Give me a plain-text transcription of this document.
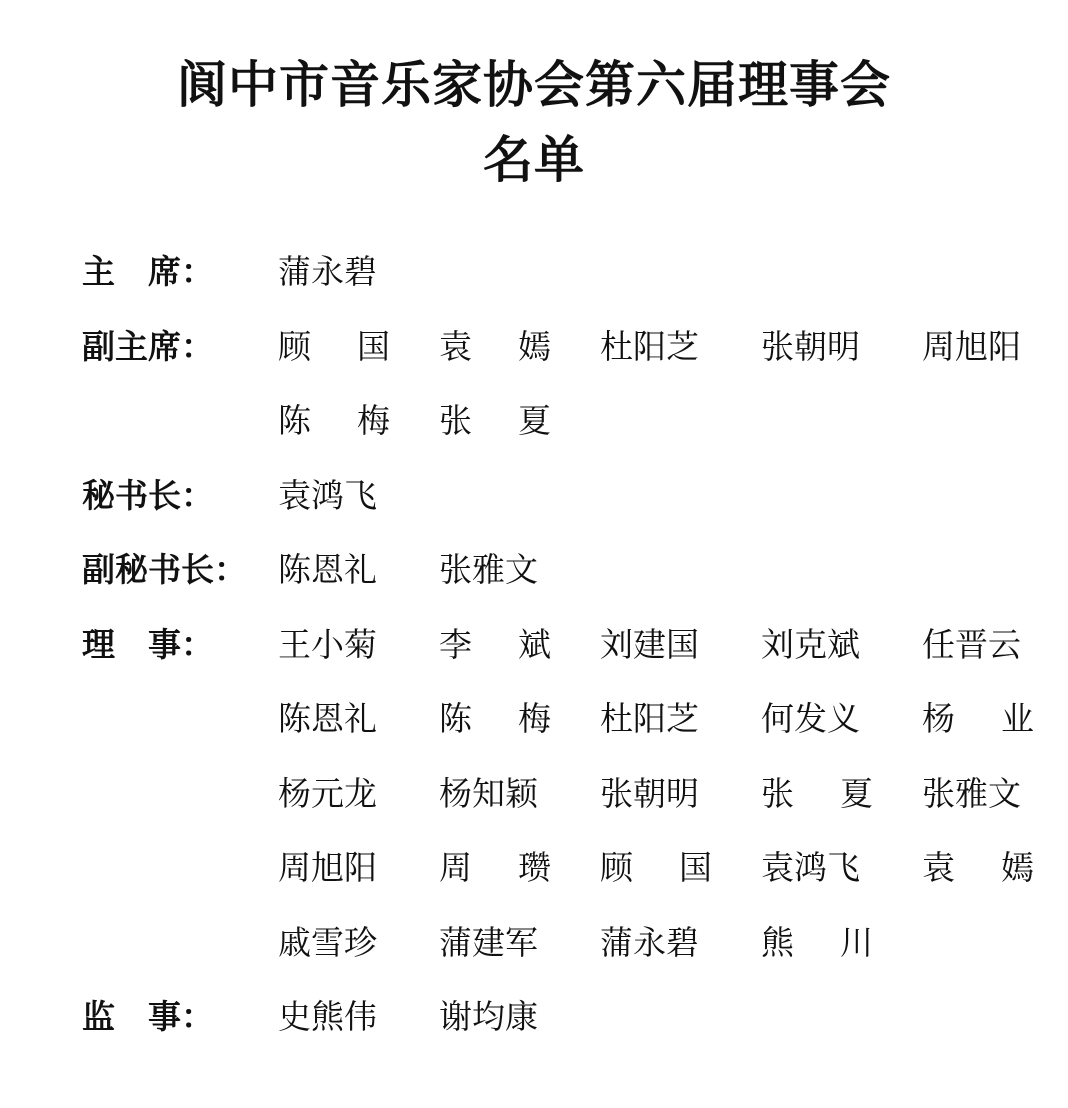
阆中市音乐家协会第六届理事会
名单
主　席：	蒲永碧
副主席：	顾国 袁嫣 杜阳芝 张朝明 周旭阳
陈梅 张夏
秘书长：	袁鸿飞
副秘书长： 陈恩礼 张雅文
理　事：	王小菊 李斌 刘建国 刘克斌 任晋云
陈恩礼 陈梅 杜阳芝 何发义 杨业
杨元龙 杨知颖 张朝明 张夏 张雅文
周旭阳 周瓒 顾国 袁鸿飞 袁嫣
戚雪珍 蒲建军 蒲永碧 熊川
监　事：	史熊伟 谢均康
